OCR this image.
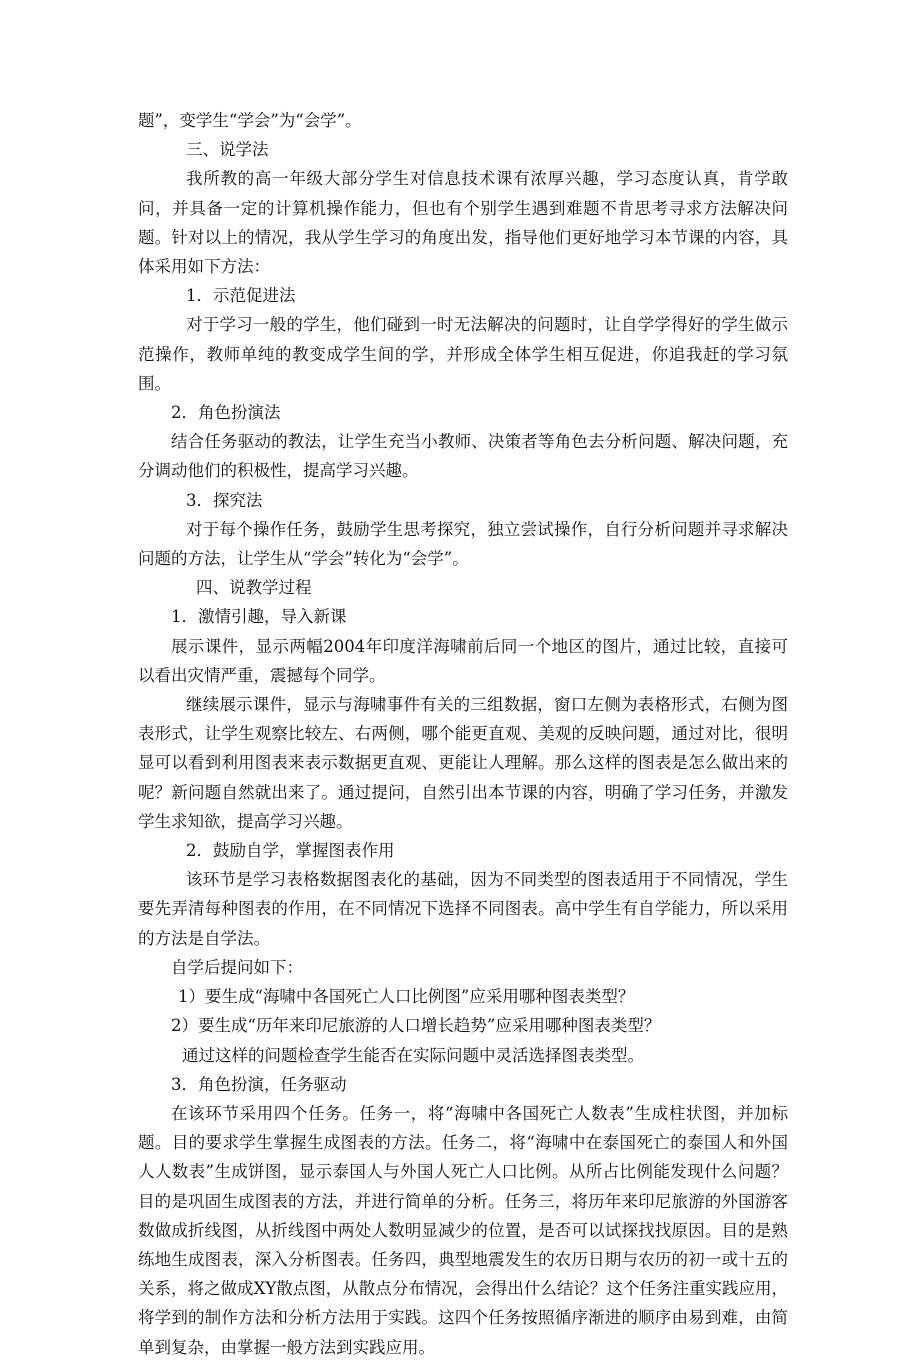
题”，变学生“学会”为“会学”。

三、说学法

我所教的高一年级大部分学生对信息技术课有浓厚兴趣，学习态度认真，肯学敢问，并具备一定的计算机操作能力，但也有个别学生遇到难题不肯思考寻求方法解决问题。针对以上的情况，我从学生学习的角度出发，指导他们更好地学习本节课的内容，具体采用如下方法：

1．示范促进法

对于学习一般的学生，他们碰到一时无法解决的问题时，让自学学得好的学生做示范操作，教师单纯的教变成学生间的学，并形成全体学生相互促进，你追我赶的学习氛围。

2．角色扮演法

结合任务驱动的教法，让学生充当小教师、决策者等角色去分析问题、解决问题，充分调动他们的积极性，提高学习兴趣。

3．探究法

对于每个操作任务，鼓励学生思考探究，独立尝试操作，自行分析问题并寻求解决问题的方法，让学生从“学会”转化为“会学”。

四、说教学过程

1．激情引趣，导入新课

展示课件，显示两幅2004年印度洋海啸前后同一个地区的图片，通过比较，直接可以看出灾情严重，震撼每个同学。

继续展示课件，显示与海啸事件有关的三组数据，窗口左侧为表格形式，右侧为图表形式，让学生观察比较左、右两侧，哪个能更直观、美观的反映问题，通过对比，很明显可以看到利用图表来表示数据更直观、更能让人理解。那么这样的图表是怎么做出来的呢？新问题自然就出来了。通过提问，自然引出本节课的内容，明确了学习任务，并激发学生求知欲，提高学习兴趣。

2．鼓励自学，掌握图表作用

该环节是学习表格数据图表化的基础，因为不同类型的图表适用于不同情况，学生要先弄清每种图表的作用，在不同情况下选择不同图表。高中学生有自学能力，所以采用的方法是自学法。

自学后提问如下：

1）要生成“海啸中各国死亡人口比例图”应采用哪种图表类型？

2）要生成“历年来印尼旅游的人口增长趋势”应采用哪种图表类型？

通过这样的问题检查学生能否在实际问题中灵活选择图表类型。

3．角色扮演，任务驱动

在该环节采用四个任务。任务一，将“海啸中各国死亡人数表”生成柱状图，并加标题。目的要求学生掌握生成图表的方法。任务二，将“海啸中在泰国死亡的泰国人和外国人人数表”生成饼图，显示泰国人与外国人死亡人口比例。从所占比例能发现什么问题？目的是巩固生成图表的方法，并进行简单的分析。任务三，将历年来印尼旅游的外国游客数做成折线图，从折线图中两处人数明显减少的位置，是否可以试探找找原因。目的是熟练地生成图表，深入分析图表。任务四，典型地震发生的农历日期与农历的初一或十五的关系，将之做成XY散点图，从散点分布情况，会得出什么结论？这个任务注重实践应用，将学到的制作方法和分析方法用于实践。这四个任务按照循序渐进的顺序由易到难，由简单到复杂，由掌握一般方法到实践应用。
